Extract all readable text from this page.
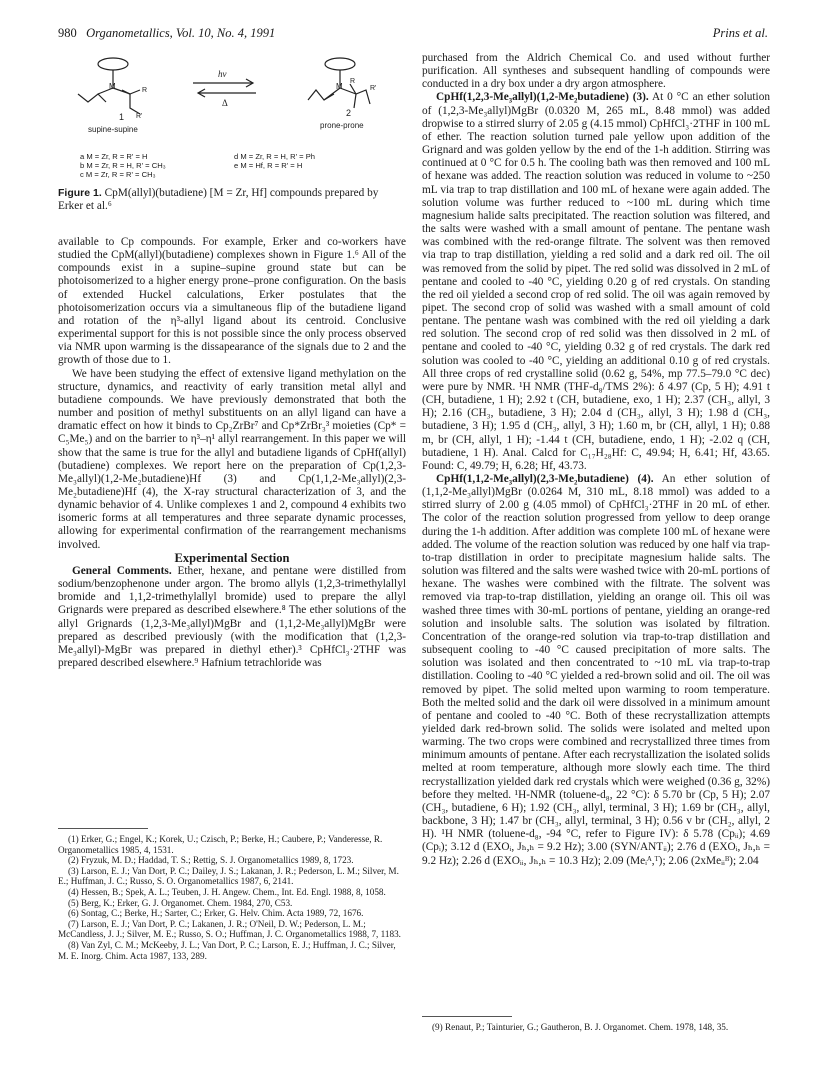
980 Organometallics, Vol. 10, No. 4, 1991	Prins et al.
M	M
R
R'
R
R'
hν
Δ
1
supine-supine
2
prone-prone
a M = Zr, R = R' = H
b M = Zr, R = H, R' = CH₃
c M = Zr, R = R' = CH₃
d M = Zr, R = H, R' = Ph
e M = Hf, R = R' = H
Figure 1. CpM(allyl)(butadiene) [M = Zr, Hf] compounds prepared by Erker et al.⁶

available to Cp compounds. For example, Erker and co-workers have studied the CpM(allyl)(butadiene) complexes shown in Figure 1.⁶ All of the compounds exist in a supine–supine ground state but can be photoisomerized to a higher energy prone–prone configuration. On the basis of extended Huckel calculations, Erker postulates that the photoisomerization occurs via a simultaneous flip of the butadiene ligand and rotation of the η³-allyl ligand about its centroid. Conclusive experimental support for this is not possible since the only process observed via NMR upon warming is the dissapearance of the signals due to 2 and the growth of those due to 1.

We have been studying the effect of extensive ligand methylation on the structure, dynamics, and reactivity of early transition metal allyl and butadiene compounds. We have previously demonstrated that both the number and position of methyl substituents on an allyl ligand can have a dramatic effect on how it binds to Cp₂ZrBr⁷ and Cp*ZrBr₃³ moieties (Cp* = C₅Me₅) and on the barrier to η³–η¹ allyl rearrangement. In this paper we will show that the same is true for the allyl and butadiene ligands of CpHf(allyl)(butadiene) complexes. We report here on the preparation of Cp(1,2,3-Me₃allyl)(1,2-Me₂butadiene)Hf (3) and Cp(1,1,2-Me₃allyl)(2,3-Me₂butadiene)Hf (4), the X-ray structural characterization of 3, and the dynamic behavior of 4. Unlike complexes 1 and 2, compound 4 exhibits two isomeric forms at all temperatures and three separate dynamic processes, allowing for experimental confirmation of the rearrangement mechanisms involved.

Experimental Section

General Comments. Ether, hexane, and pentane were distilled from sodium/benzophenone under argon. The bromo allyls (1,2,3-trimethylallyl bromide and 1,1,2-trimethylallyl bromide) used to prepare the allyl Grignards were prepared as described elsewhere.⁸ The ether solutions of the allyl Grignards (1,2,3-Me₃allyl)MgBr and (1,1,2-Me₃allyl)MgBr were prepared as described previously (with the modification that (1,2,3-Me₃allyl)-MgBr was prepared in diethyl ether).³ CpHfCl₃·2THF was prepared described elsewhere.⁹ Hafnium tetrachloride was

(1) Erker, G.; Engel, K.; Korek, U.; Czisch, P.; Berke, H.; Caubere, P.; Vanderesse, R. Organometallics 1985, 4, 1531.

(2) Fryzuk, M. D.; Haddad, T. S.; Rettig, S. J. Organometallics 1989, 8, 1723.

(3) Larson, E. J.; Van Dort, P. C.; Dailey, J. S.; Lakanan, J. R.; Pederson, L. M.; Silver, M. E.; Huffman, J. C.; Russo, S. O. Organometallics 1987, 6, 2141.

(4) Hessen, B.; Spek, A. L.; Teuben, J. H. Angew. Chem., Int. Ed. Engl. 1988, 8, 1058.

(5) Berg, K.; Erker, G. J. Organomet. Chem. 1984, 270, C53.

(6) Sontag, C.; Berke, H.; Sarter, C.; Erker, G. Helv. Chim. Acta 1989, 72, 1676.

(7) Larson, E. J.; Van Dort, P. C.; Lakanen, J. R.; O'Neil, D. W.; Pederson, L. M.; McCandless, J. J.; Silver, M. E.; Russo, S. O.; Huffman, J. C. Organometallics 1988, 7, 1183.

(8) Van Zyl, C. M.; McKeeby, J. L.; Van Dort, P. C.; Larson, E. J.; Huffman, J. C.; Silver, M. E. Inorg. Chim. Acta 1987, 133, 289.

purchased from the Aldrich Chemical Co. and used without further purification. All syntheses and subsequent handling of compounds were conducted in a dry box under a dry argon atmosphere.

CpHf(1,2,3-Me₃allyl)(1,2-Me₂butadiene) (3). At 0 °C an ether solution of (1,2,3-Me₃allyl)MgBr (0.0320 M, 265 mL, 8.48 mmol) was added dropwise to a stirred slurry of 2.05 g (4.15 mmol) CpHfCl₃·2THF in 100 mL of ether. The reaction solution turned pale yellow upon addition of the Grignard and was golden yellow by the end of the 1-h addition. Stirring was continued at 0 °C for 0.5 h. The cooling bath was then removed and 100 mL of hexane was added. The reaction solution was reduced in volume to ~250 mL via trap to trap distillation and 100 mL of hexane were again added. The solution volume was further reduced to ~100 mL during which time magnesium halide salts precipitated. The reaction solution was filtered, and the salts were washed with a small amount of pentane. The pentane wash was combined with the red-orange filtrate. The solvent was then removed via trap to trap distillation, yielding a red solid and a dark red oil. The oil was removed from the solid by pipet. The red solid was dissolved in 2 mL of pentane and cooled to -40 °C, yielding 0.20 g of red crystals. On standing the red oil yielded a second crop of red solid. The oil was again removed by pipet. The second crop of solid was washed with a small amount of cold pentane. The pentane wash was combined with the red oil yielding a dark red solution. The second crop of red solid was then dissolved in 2 mL of pentane and cooled to -40 °C, yielding 0.32 g of red crystals. The dark red solution was cooled to -40 °C, yielding an additional 0.10 g of red crystals. All three crops of red crystalline solid (0.62 g, 54%, mp 77.5–79.0 °C dec) were pure by NMR. ¹H NMR (THF-d₈/TMS 2%): δ 4.97 (Cp, 5 H); 4.91 t (CH, butadiene, 1 H); 2.92 t (CH, butadiene, exo, 1 H); 2.37 (CH₃, allyl, 3 H); 2.16 (CH₃, butadiene, 3 H); 2.04 d (CH₃, allyl, 3 H); 1.98 d (CH₃, butadiene, 3 H); 1.95 d (CH₃, allyl, 3 H); 1.60 m, br (CH, allyl, 1 H); 0.88 m, br (CH, allyl, 1 H); -1.44 t (CH, butadiene, endo, 1 H); -2.02 q (CH, butadiene, 1 H). Anal. Calcd for C₁₇H₂₈Hf: C, 49.94; H, 6.41; Hf, 43.65. Found: C, 49.79; H, 6.28; Hf, 43.73.

CpHf(1,1,2-Me₃allyl)(2,3-Me₂butadiene) (4). An ether solution of (1,1,2-Me₃allyl)MgBr (0.0264 M, 310 mL, 8.18 mmol) was added to a stirred slurry of 2.00 g (4.05 mmol) of CpHfCl₃·2THF in 20 mL of ether. The color of the reaction solution progressed from yellow to deep orange during the 1-h addition. After addition was complete 100 mL of hexane were added. The volume of the reaction solution was reduced by one half via trap-to-trap distillation in order to precipitate magnesium halide salts. The solution was filtered and the salts were washed twice with 20-mL portions of hexane. The washes were combined with the filtrate. The solvent was removed via trap-to-trap distillation, yielding an orange oil. This oil was washed three times with 30-mL portions of pentane, yielding an orange-red solution and insoluble salts. The solution was isolated by filtration. Concentration of the orange-red solution via trap-to-trap distillation and subsequent cooling to -40 °C caused precipitation of more salts. The solution was isolated and then concentrated to ~10 mL via trap-to-trap distillation. Cooling to -40 °C yielded a red-brown solid and oil. The oil was removed by pipet. The solid melted upon warming to room temperature. Both the melted solid and the dark oil were dissolved in a minimum amount of pentane and cooled to -40 °C. Both of these recrystallization attempts yielded dark red-brown solid. The solids were isolated and melted upon warming. The two crops were combined and recrystallized three times from minimum amounts of pentane. After each recrystallization the isolated solids melted at room temperature, although more slowly each time. The third recrystallization yielded dark red crystals which were weighed (0.36 g, 32%) before they melted. ¹H-NMR (toluene-d₈, 22 °C): δ 5.70 br (Cp, 5 H); 2.07 (CH₃, butadiene, 6 H); 1.92 (CH₃, allyl, terminal, 3 H); 1.69 br (CH₃, allyl, backbone, 3 H); 1.47 br (CH₃, allyl, terminal, 3 H); 0.56 v br (CH₂, allyl, 2 H). ¹H NMR (toluene-d₈, -94 °C, refer to Figure IV): δ 5.78 (Cpᵢᵢ); 4.69 (Cpᵢ); 3.12 d (EXOᵢ, Jₕ,ₕ = 9.2 Hz); 3.00 (SYN/ANTᵢᵢ); 2.76 d (EXOᵢ, Jₕ,ₕ = 9.2 Hz); 2.26 d (EXOᵢᵢ, Jₕ,ₕ = 10.3 Hz); 2.09 (Meᵢᴬ,ᵀ); 2.06 (2xMeᵢᵢᴮ); 2.04

(9) Renaut, P.; Tainturier, G.; Gautheron, B. J. Organomet. Chem. 1978, 148, 35.
